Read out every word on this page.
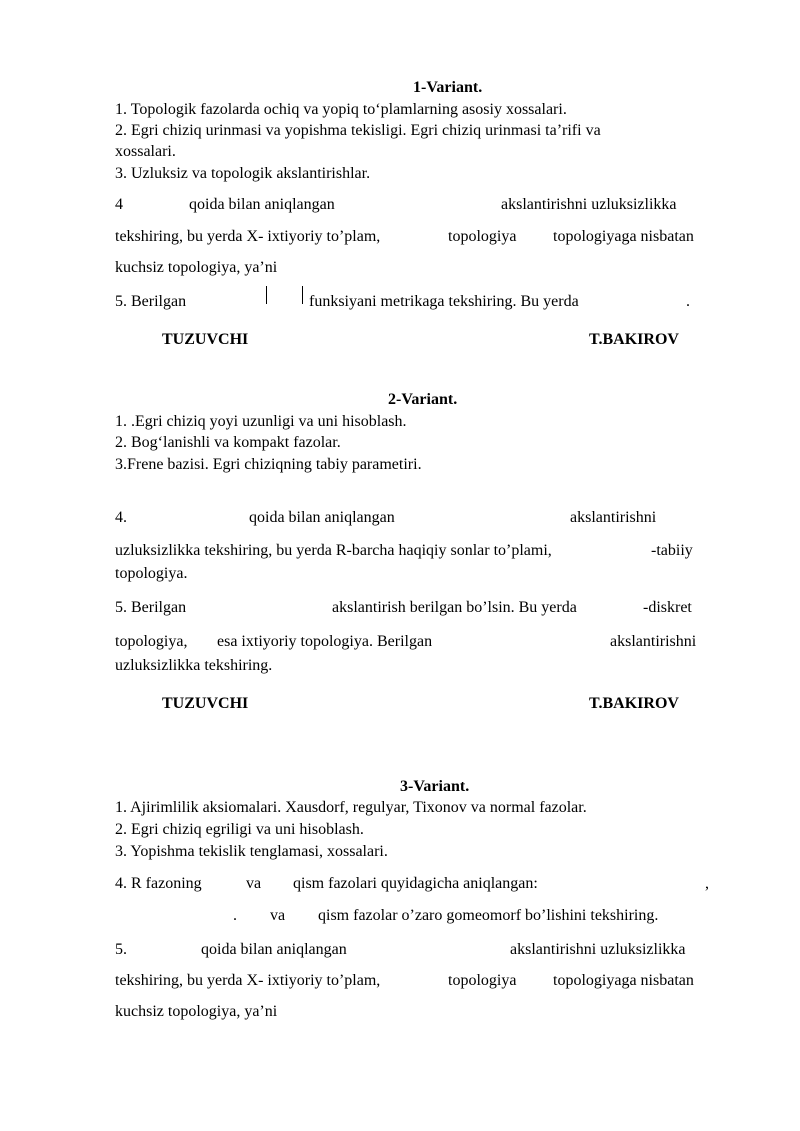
1-Variant.
1. Topologik fazolarda ochiq va yopiq to‘plamlarning asosiy xossalari.
2. Egri chiziq urinmasi va yopishma tekisligi. Egri chiziq urinmasi ta’rifi va
xossalari.
3. Uzluksiz va topologik akslantirishlar.
4	qoida bilan aniqlangan	akslantirishni uzluksizlikka
tekshiring, bu yerda X- ixtiyoriy to’plam,	topologiya topologiyaga nisbatan
kuchsiz topologiya, ya’ni
5. Berilgan	funksiyani metrikaga tekshiring. Bu yerda	.
TUZUVCHI	T.BAKIROV
2-Variant.
1. .Egri chiziq yoyi uzunligi va uni hisoblash.
2. Bog‘lanishli va kompakt fazolar.
3.Frene bazisi. Egri chiziqning tabiy parametiri.
4.	qoida bilan aniqlangan	akslantirishni
uzluksizlikka tekshiring, bu yerda R-barcha haqiqiy sonlar to’plami,	-tabiiy
topologiya.
5. Berilgan	akslantirish berilgan bo’lsin. Bu yerda	-diskret
topologiya, esa ixtiyoriy topologiya. Berilgan	akslantirishni
uzluksizlikka tekshiring.
TUZUVCHI	T.BAKIROV
3-Variant.
1. Ajirimlilik aksiomalari. Xausdorf, regulyar, Tixonov va normal fazolar.
2. Egri chiziq egriligi va uni hisoblash.
3. Yopishma tekislik tenglamasi, xossalari.
4. R fazoning	va qism fazolari quyidagicha aniqlangan:	,
. va qism fazolar o’zaro gomeomorf bo’lishini tekshiring.
5.	qoida bilan aniqlangan	akslantirishni uzluksizlikka
tekshiring, bu yerda X- ixtiyoriy to’plam,	topologiya topologiyaga nisbatan
kuchsiz topologiya, ya’ni
